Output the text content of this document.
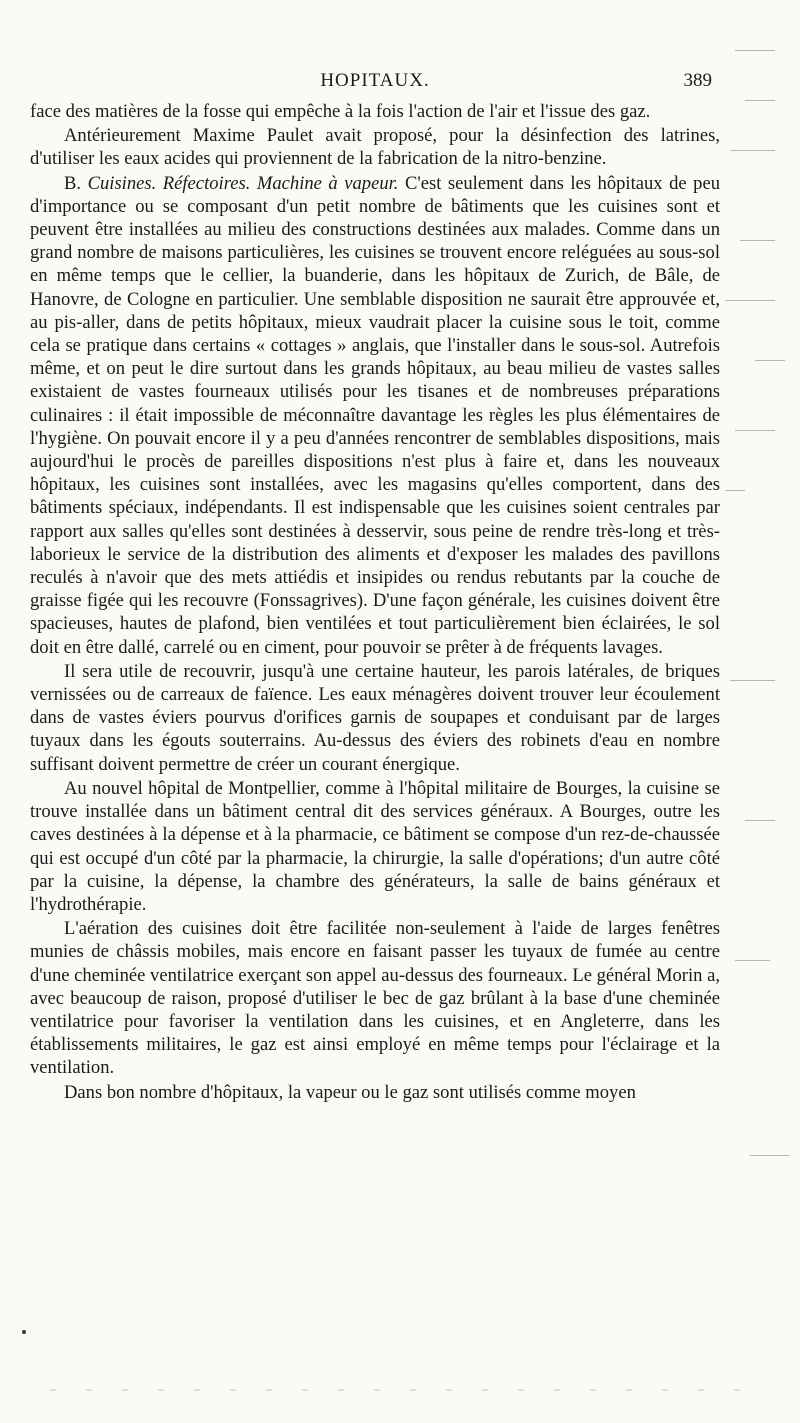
HOPITAUX.	389

face des matières de la fosse qui empêche à la fois l'action de l'air et l'issue des gaz.

Antérieurement Maxime Paulet avait proposé, pour la désinfection des latrines, d'utiliser les eaux acides qui proviennent de la fabrication de la nitro-benzine.

B. Cuisines. Réfectoires. Machine à vapeur. C'est seulement dans les hôpitaux de peu d'importance ou se composant d'un petit nombre de bâtiments que les cuisines sont et peuvent être installées au milieu des constructions destinées aux malades. Comme dans un grand nombre de maisons particulières, les cuisines se trouvent encore reléguées au sous-sol en même temps que le cellier, la buanderie, dans les hôpitaux de Zurich, de Bâle, de Hanovre, de Cologne en particulier. Une semblable disposition ne saurait être approuvée et, au pis-aller, dans de petits hôpitaux, mieux vaudrait placer la cuisine sous le toit, comme cela se pratique dans certains « cottages » anglais, que l'installer dans le sous-sol. Autrefois même, et on peut le dire surtout dans les grands hôpitaux, au beau milieu de vastes salles existaient de vastes fourneaux utilisés pour les tisanes et de nombreuses préparations culinaires : il était impossible de méconnaître davantage les règles les plus élémentaires de l'hygiène. On pouvait encore il y a peu d'années rencontrer de semblables dispositions, mais aujourd'hui le procès de pareilles dispositions n'est plus à faire et, dans les nouveaux hôpitaux, les cuisines sont installées, avec les magasins qu'elles comportent, dans des bâtiments spéciaux, indépendants. Il est indispensable que les cuisines soient centrales par rapport aux salles qu'elles sont destinées à desservir, sous peine de rendre très-long et très-laborieux le service de la distribution des aliments et d'exposer les malades des pavillons reculés à n'avoir que des mets attiédis et insipides ou rendus rebutants par la couche de graisse figée qui les recouvre (Fonssagrives). D'une façon générale, les cuisines doivent être spacieuses, hautes de plafond, bien ventilées et tout particulièrement bien éclairées, le sol doit en être dallé, carrelé ou en ciment, pour pouvoir se prêter à de fréquents lavages.

Il sera utile de recouvrir, jusqu'à une certaine hauteur, les parois latérales, de briques vernissées ou de carreaux de faïence. Les eaux ménagères doivent trouver leur écoulement dans de vastes éviers pourvus d'orifices garnis de soupapes et conduisant par de larges tuyaux dans les égouts souterrains. Au-dessus des éviers des robinets d'eau en nombre suffisant doivent permettre de créer un courant énergique.

Au nouvel hôpital de Montpellier, comme à l'hôpital militaire de Bourges, la cuisine se trouve installée dans un bâtiment central dit des services généraux. A Bourges, outre les caves destinées à la dépense et à la pharmacie, ce bâtiment se compose d'un rez-de-chaussée qui est occupé d'un côté par la pharmacie, la chirurgie, la salle d'opérations; d'un autre côté par la cuisine, la dépense, la chambre des générateurs, la salle de bains généraux et l'hydrothérapie.

L'aération des cuisines doit être facilitée non-seulement à l'aide de larges fenêtres munies de châssis mobiles, mais encore en faisant passer les tuyaux de fumée au centre d'une cheminée ventilatrice exerçant son appel au-dessus des fourneaux. Le général Morin a, avec beaucoup de raison, proposé d'utiliser le bec de gaz brûlant à la base d'une cheminée ventilatrice pour favoriser la ventilation dans les cuisines, et en Angleterre, dans les établissements militaires, le gaz est ainsi employé en même temps pour l'éclairage et la ventilation.

Dans bon nombre d'hôpitaux, la vapeur ou le gaz sont utilisés comme moyen
